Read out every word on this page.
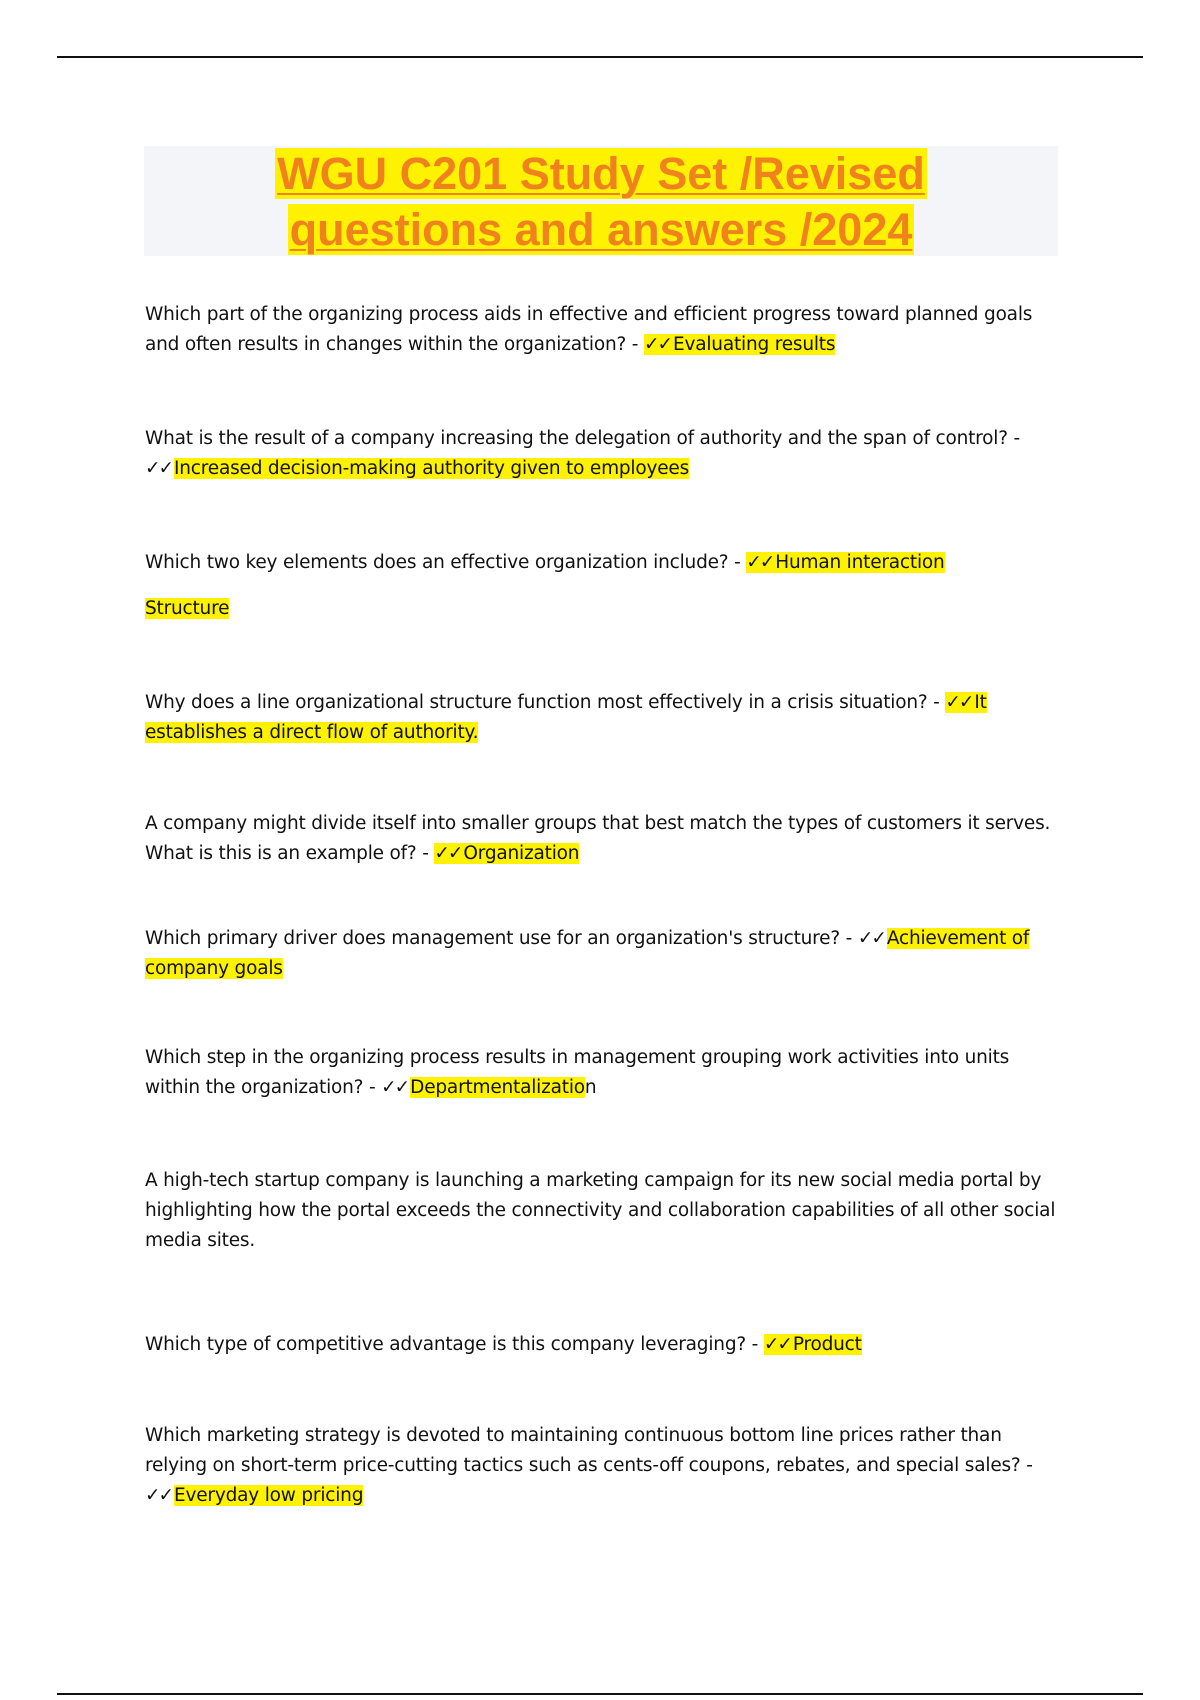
WGU C201 Study Set /Revised
questions and answers /2024
Which part of the organizing process aids in effective and efficient progress toward planned goals and often results in changes within the organization? - ✓✓ Evaluating results
What is the result of a company increasing the delegation of authority and the span of control? -
✓✓ Increased decision-making authority given to employees
Which two key elements does an effective organization include? - ✓✓ Human interaction
Structure
Why does a line organizational structure function most effectively in a crisis situation? - ✓✓ It establishes a direct flow of authority.
A company might divide itself into smaller groups that best match the types of customers it serves. What is this is an example of? - ✓✓ Organization
Which primary driver does management use for an organization's structure? - ✓✓ Achievement of company goals
Which step in the organizing process results in management grouping work activities into units within the organization? - ✓✓ Departmentalization
A high-tech startup company is launching a marketing campaign for its new social media portal by highlighting how the portal exceeds the connectivity and collaboration capabilities of all other social media sites.
Which type of competitive advantage is this company leveraging? - ✓✓ Product
Which marketing strategy is devoted to maintaining continuous bottom line prices rather than relying on short-term price-cutting tactics such as cents-off coupons, rebates, and special sales? -
✓✓ Everyday low pricing
